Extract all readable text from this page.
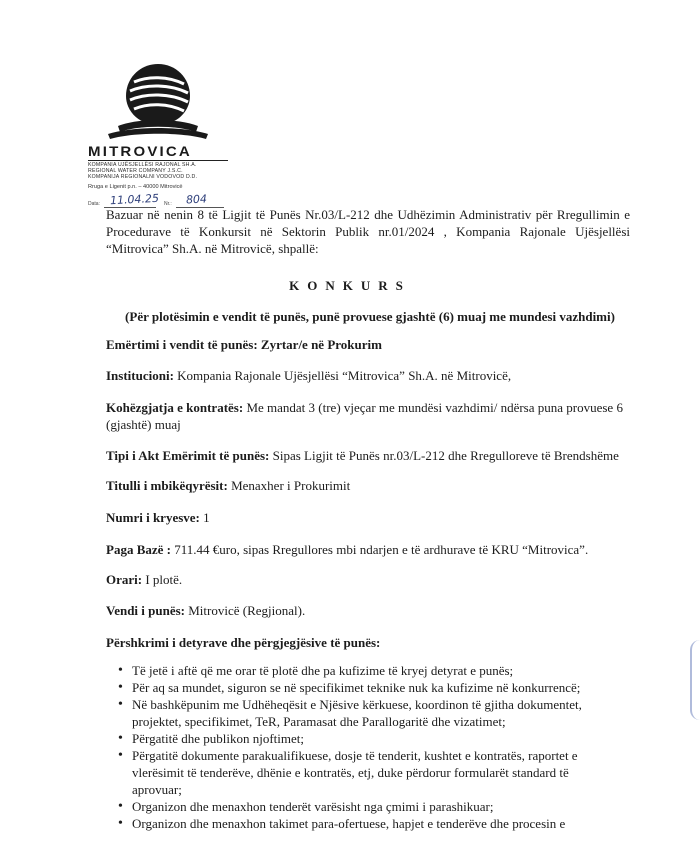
MITROVICA
KOMPANIA UJËSJELLËSI RAJONAL SH.A.
REGIONAL WATER COMPANY J.S.C.
KOMPANIJA REGIONALNI VODOVOD D.D.
Rruga e Ligenit p.n. – 40000 Mitrovicë
Data: 11.04.25 Nr.: 804
Bazuar në nenin 8 të Ligjit të Punës Nr.03/L-212 dhe Udhëzimin Administrativ për Rregullimin e Procedurave të Konkursit në Sektorin Publik nr.01/2024 , Kompania Rajonale Ujësjellësi “Mitrovica” Sh.A. në Mitrovicë, shpallë:
KONKURS
(Për plotësimin e vendit të punës, punë provuese gjashtë (6) muaj me mundesi vazhdimi)
Emërtimi i vendit të punës: Zyrtar/e në Prokurim
Institucioni: Kompania Rajonale Ujësjellësi “Mitrovica” Sh.A. në Mitrovicë,
Kohëzgjatja e kontratës: Me mandat 3 (tre) vjeçar me mundësi vazhdimi/ ndërsa puna provuese 6 (gjashtë) muaj
Tipi i Akt Emërimit të punës: Sipas Ligjit të Punës nr.03/L-212 dhe Rregulloreve të Brendshëme
Titulli i mbikëqyrësit: Menaxher i Prokurimit
Numri i kryesve: 1
Paga Bazë : 711.44 €uro, sipas Rregullores mbi ndarjen e të ardhurave të KRU “Mitrovica”.
Orari: I plotë.
Vendi i punës: Mitrovicë (Regjional).
Përshkrimi i detyrave dhe përgjegjësive të punës:
• Të jetë i aftë që me orar të plotë dhe pa kufizime të kryej detyrat e punës;
• Për aq sa mundet, siguron se në specifikimet teknike nuk ka kufizime në konkurrencë;
• Në bashkëpunim me Udhëheqësit e Njësive kërkuese, koordinon të gjitha dokumentet,
projektet, specifikimet, TeR, Paramasat dhe Parallogaritë dhe vizatimet;
• Përgatitë dhe publikon njoftimet;
• Përgatitë dokumente parakualifikuese, dosje të tenderit, kushtet e kontratës, raportet e
vlerësimit të tenderëve, dhënie e kontratës, etj, duke përdorur formularët standard të
aprovuar;
• Organizon dhe menaxhon tenderët varësisht nga çmimi i parashikuar;
• Organizon dhe menaxhon takimet para-ofertuese, hapjet e tenderëve dhe procesin e
